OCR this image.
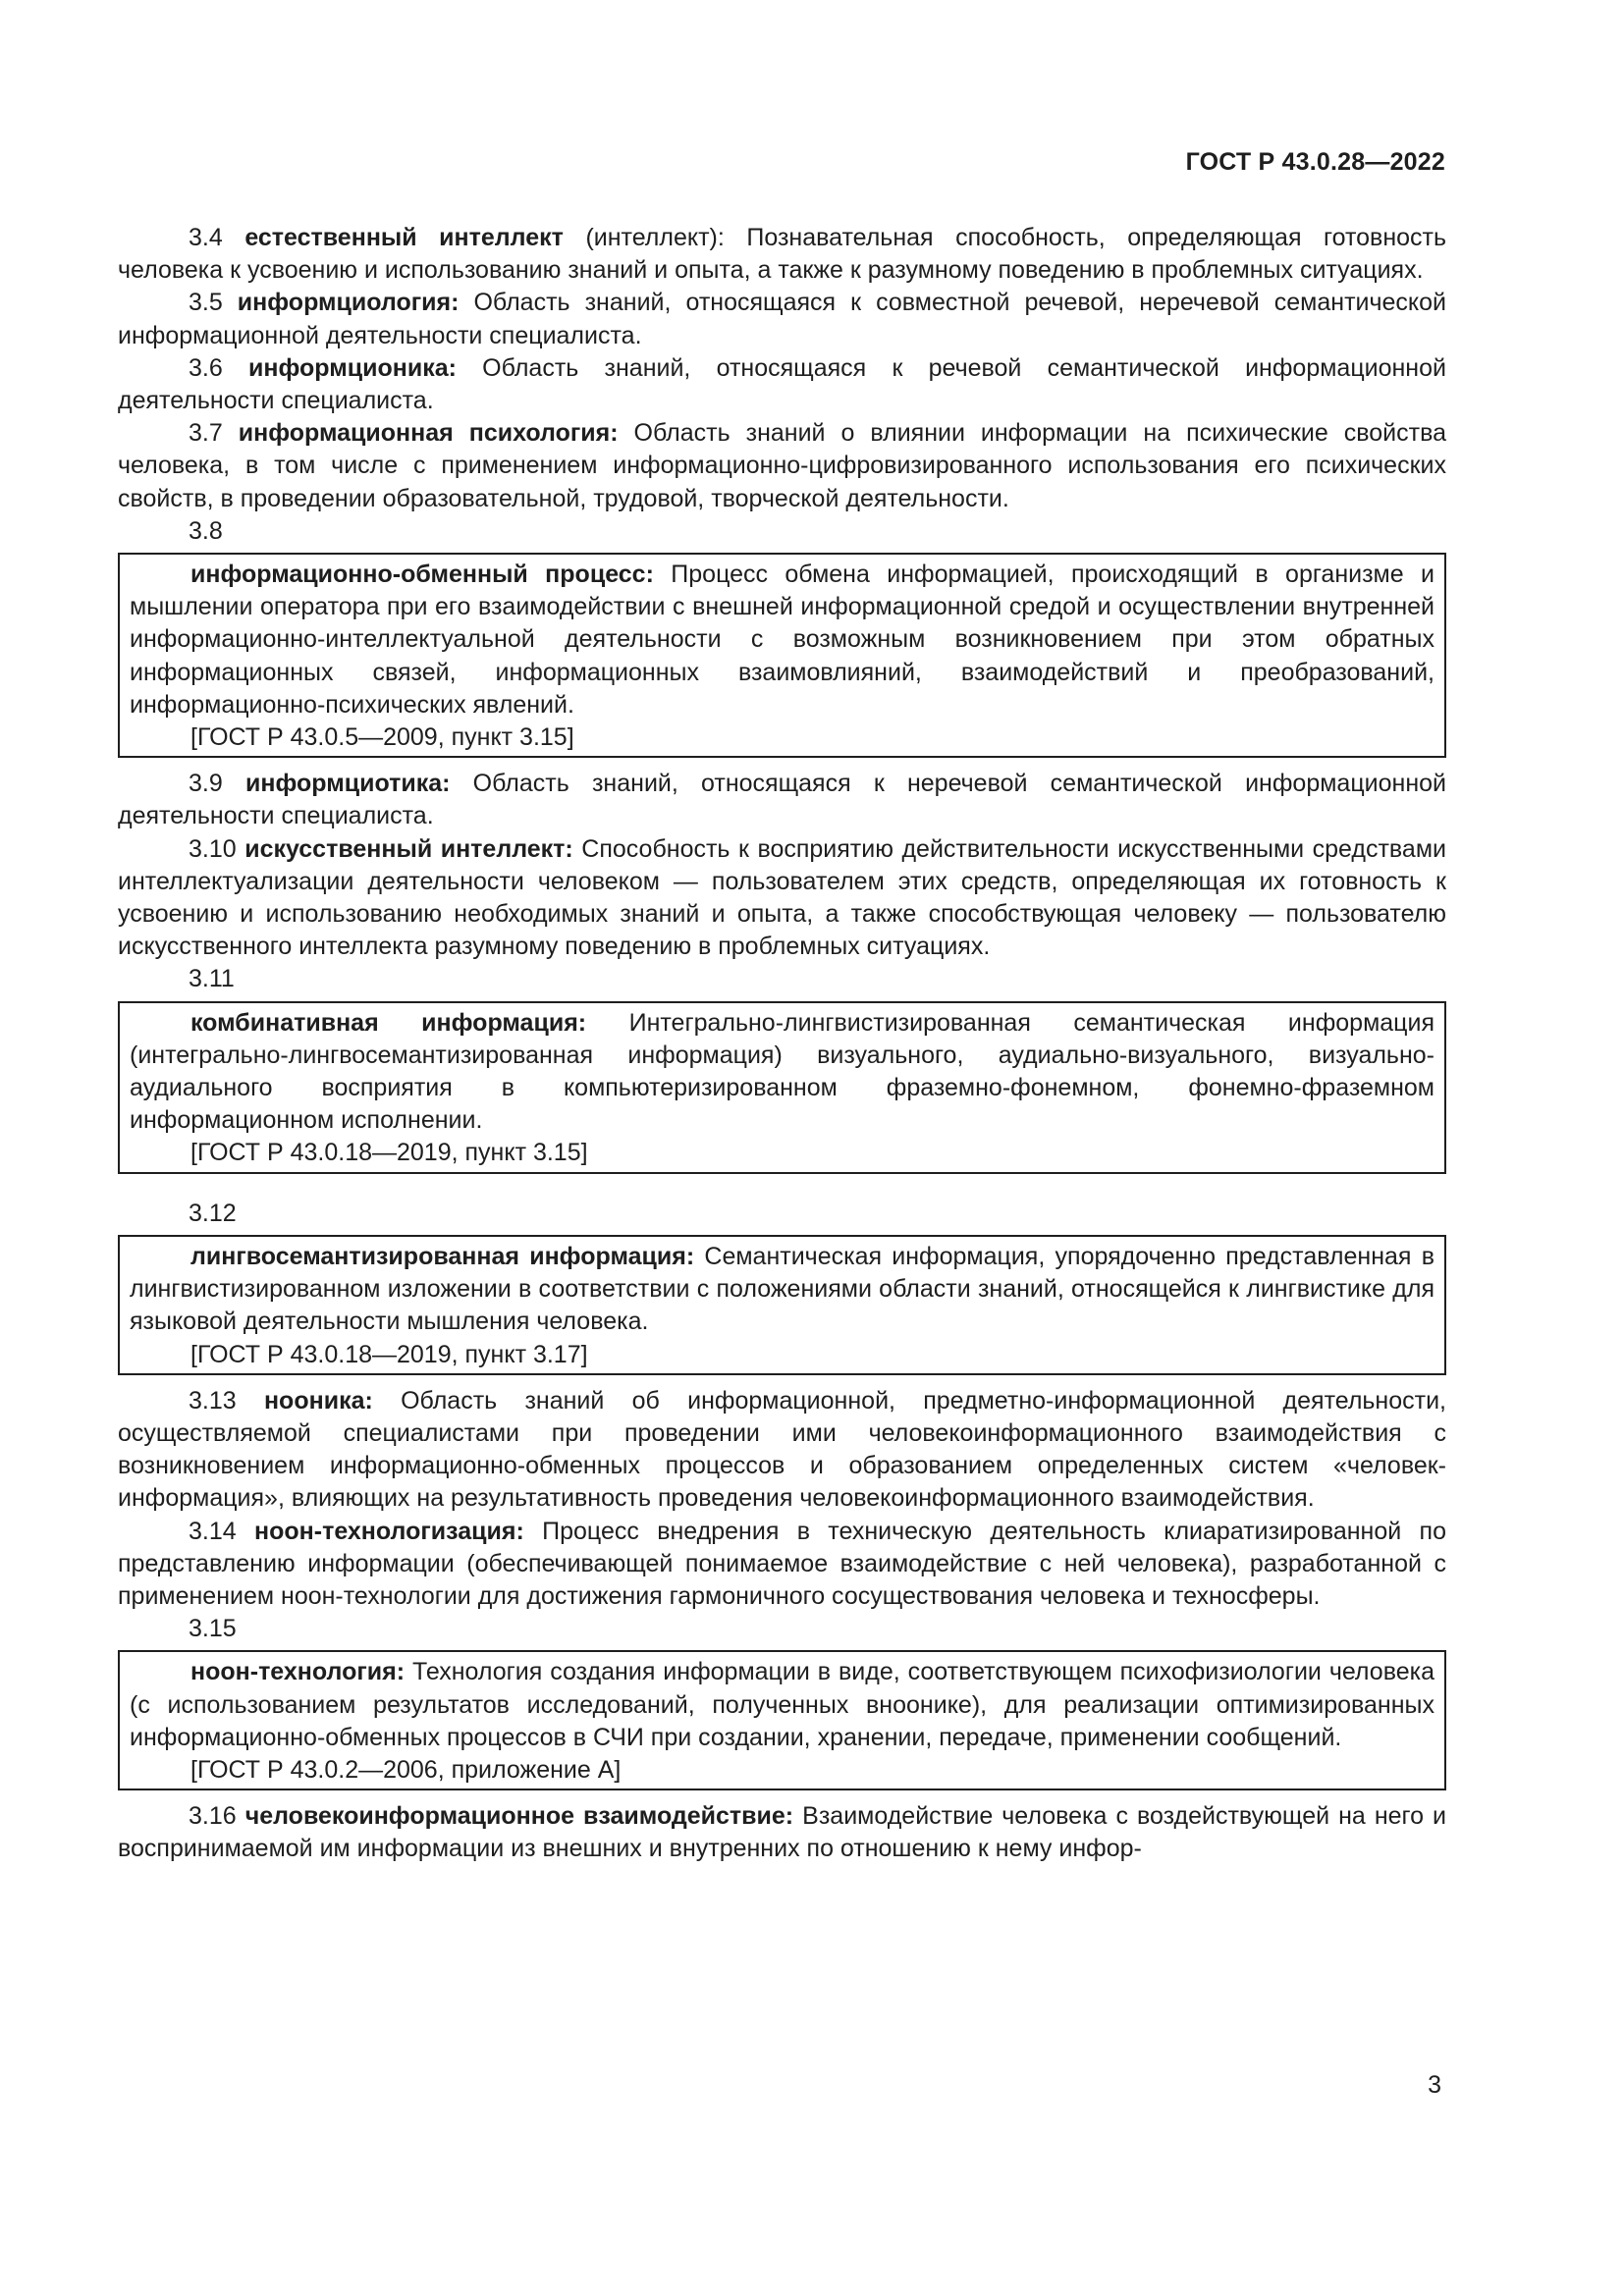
ГОСТ Р 43.0.28—2022

3.4 естественный интеллект (интеллект): Познавательная способность, определяющая готовность человека к усвоению и использованию знаний и опыта, а также к разумному поведению в проблемных ситуациях.

3.5 информциология: Область знаний, относящаяся к совместной речевой, неречевой семантической информационной деятельности специалиста.

3.6 информционика: Область знаний, относящаяся к речевой семантической информационной деятельности специалиста.

3.7 информационная психология: Область знаний о влиянии информации на психические свойства человека, в том числе с применением информационно-цифровизированного использования его психических свойств, в проведении образовательной, трудовой, творческой деятельности.

3.8

информационно-обменный процесс: Процесс обмена информацией, происходящий в организме и мышлении оператора при его взаимодействии с внешней информационной средой и осуществлении внутренней информационно-интеллектуальной деятельности с возможным возникновением при этом обратных информационных связей, информационных взаимовлияний, взаимодействий и преобразований, информационно-психических явлений.

[ГОСТ Р 43.0.5—2009, пункт 3.15]

3.9 информциотика: Область знаний, относящаяся к неречевой семантической информационной деятельности специалиста.

3.10 искусственный интеллект: Способность к восприятию действительности искусственными средствами интеллектуализации деятельности человеком — пользователем этих средств, определяющая их готовность к усвоению и использованию необходимых знаний и опыта, а также способствующая человеку — пользователю искусственного интеллекта разумному поведению в проблемных ситуациях.

3.11

комбинативная информация: Интегрально-лингвистизированная семантическая информация (интегрально-лингвосемантизированная информация) визуального, аудиально-визуального, визуально-аудиального восприятия в компьютеризированном фраземно-фонемном, фонемно-фраземном информационном исполнении.

[ГОСТ Р 43.0.18—2019, пункт 3.15]

3.12

лингвосемантизированная информация: Семантическая информация, упорядоченно представленная в лингвистизированном изложении в соответствии с положениями области знаний, относящейся к лингвистике для языковой деятельности мышления человека.

[ГОСТ Р 43.0.18—2019, пункт 3.17]

3.13 нооника: Область знаний об информационной, предметно-информационной деятельности, осуществляемой специалистами при проведении ими человекоинформационного взаимодействия с возникновением информационно-обменных процессов и образованием определенных систем «человек-информация», влияющих на результативность проведения человекоинформационного взаимодействия.

3.14 ноон-технологизация: Процесс внедрения в техническую деятельность клиаратизированной по представлению информации (обеспечивающей понимаемое взаимодействие с ней человека), разработанной с применением ноон-технологии для достижения гармоничного сосуществования человека и техносферы.

3.15

ноон-технология: Технология создания информации в виде, соответствующем психофизиологии человека (с использованием результатов исследований, полученных вноонике), для реализации оптимизированных информационно-обменных процессов в СЧИ при создании, хранении, передаче, применении сообщений.

[ГОСТ Р 43.0.2—2006, приложение А]

3.16 человекоинформационное взаимодействие: Взаимодействие человека с воздействующей на него и воспринимаемой им информации из внешних и внутренних по отношению к нему инфор-

3
